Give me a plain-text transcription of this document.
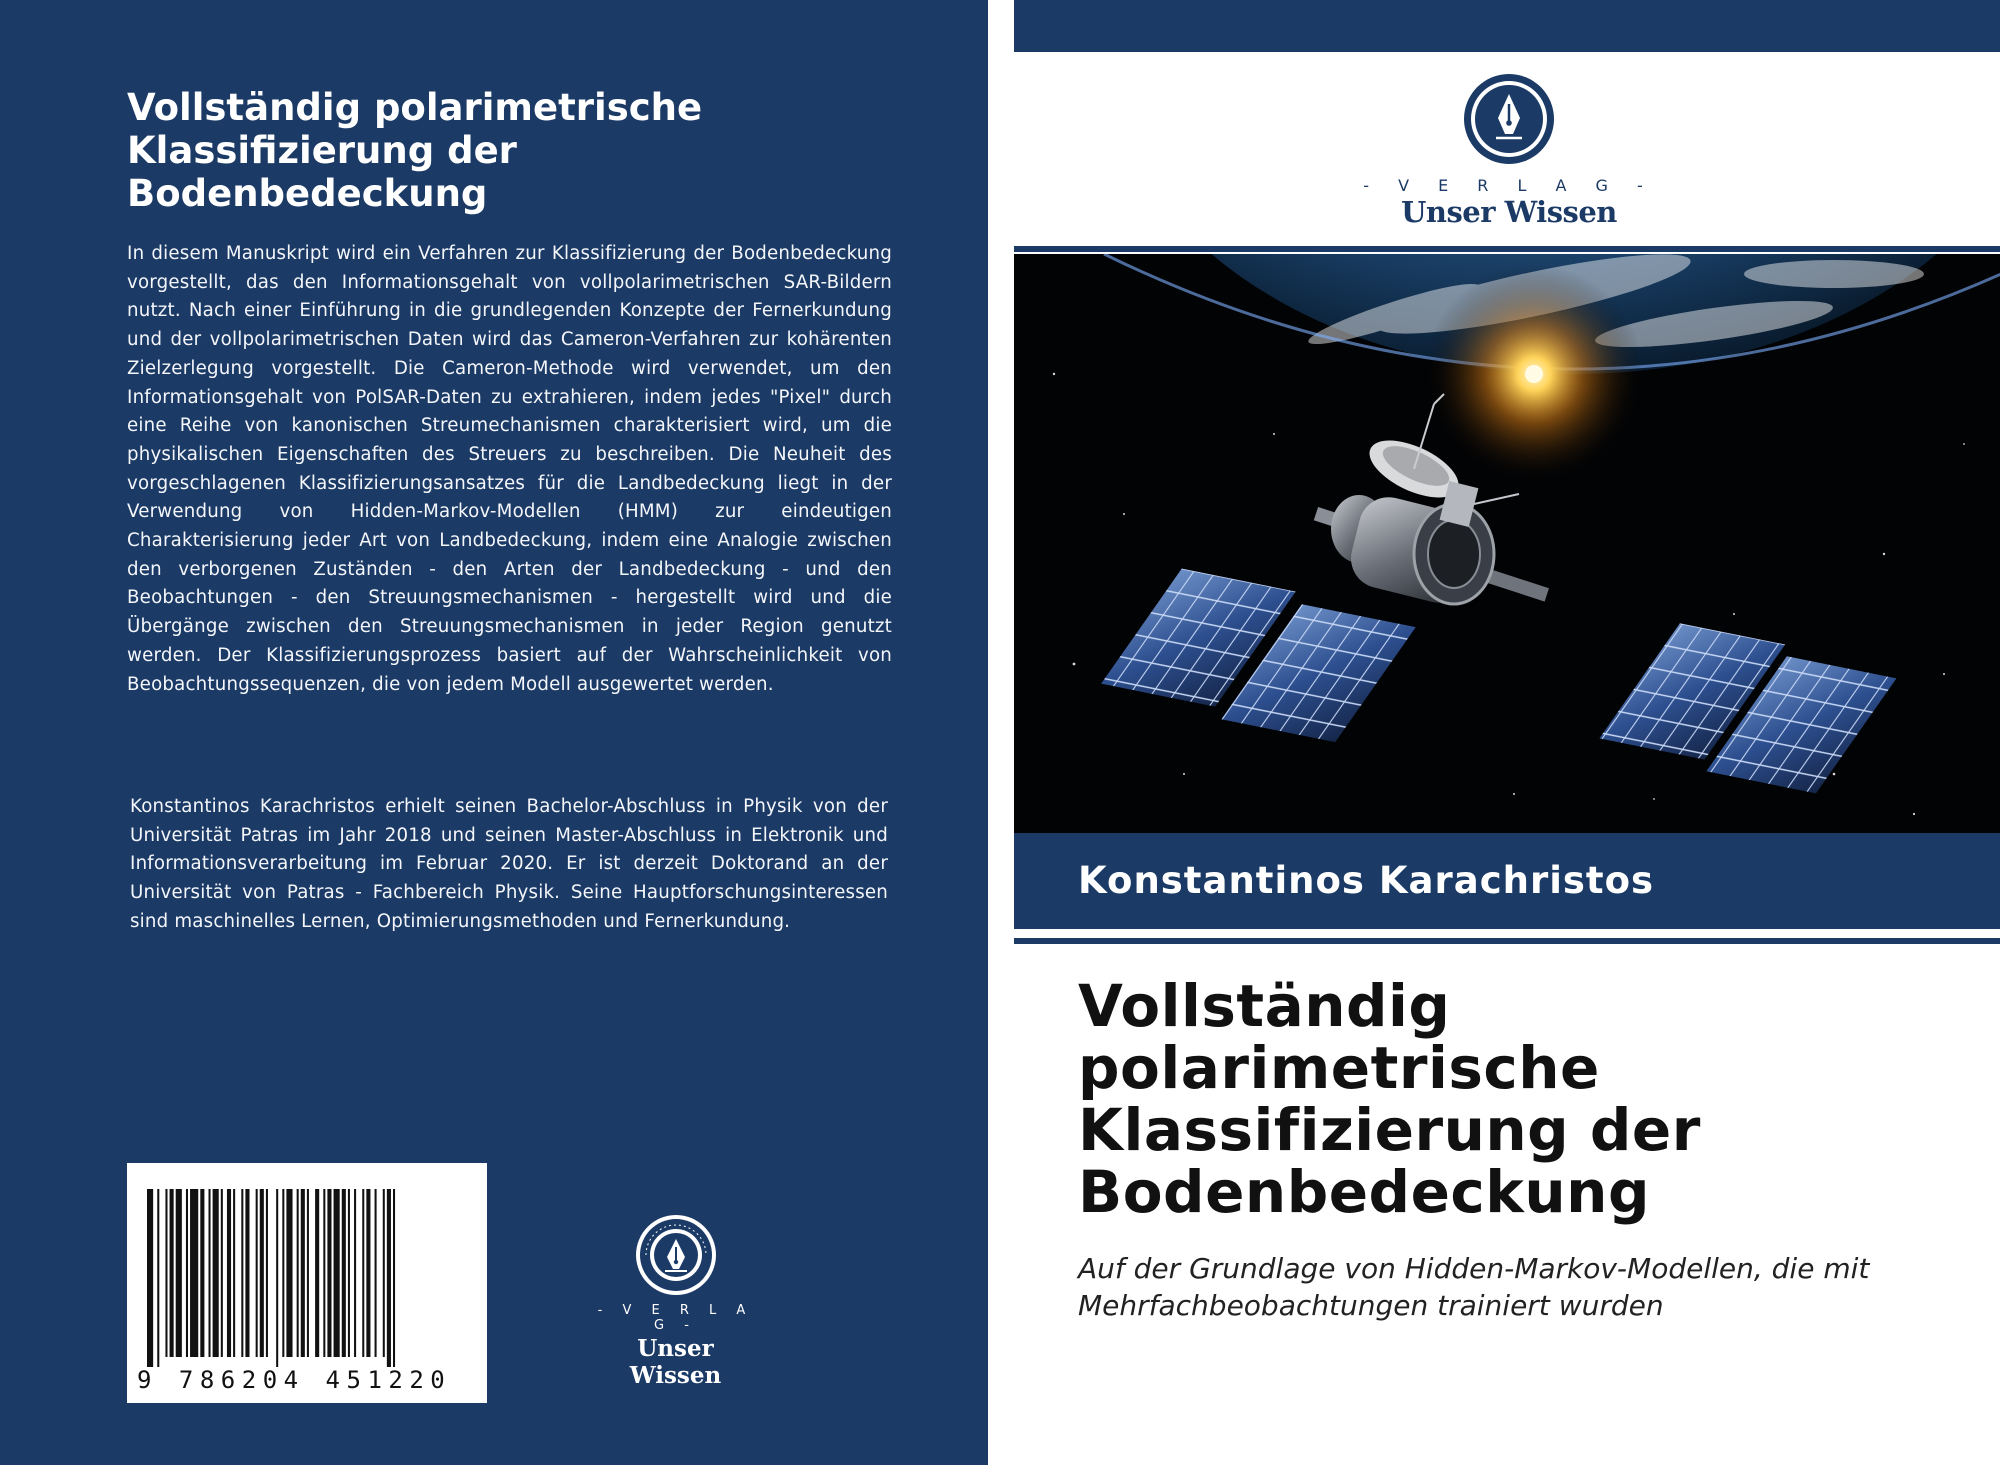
Vollständig polarimetrische Klassifizierung der Bodenbedeckung

In diesem Manuskript wird ein Verfahren zur Klassifizierung der Bodenbedeckung vorgestellt, das den Informationsgehalt von vollpolarimetrischen SAR-Bildern nutzt. Nach einer Einführung in die grundlegenden Konzepte der Fernerkundung und der vollpolarimetrischen Daten wird das Cameron-Verfahren zur kohärenten Zielzerlegung vorgestellt. Die Cameron-Methode wird verwendet, um den Informationsgehalt von PolSAR-Daten zu extrahieren, indem jedes "Pixel" durch eine Reihe von kanonischen Streumechanismen charakterisiert wird, um die physikalischen Eigenschaften des Streuers zu beschreiben. Die Neuheit des vorgeschlagenen Klassifizierungsansatzes für die Landbedeckung liegt in der Verwendung von Hidden-Markov-Modellen (HMM) zur eindeutigen Charakterisierung jeder Art von Landbedeckung, indem eine Analogie zwischen den verborgenen Zuständen - den Arten der Landbedeckung - und den Beobachtungen - den Streuungsmechanismen - hergestellt wird und die Übergänge zwischen den Streuungsmechanismen in jeder Region genutzt werden. Der Klassifizierungsprozess basiert auf der Wahrscheinlichkeit von Beobachtungssequenzen, die von jedem Modell ausgewertet werden.

Konstantinos Karachristos erhielt seinen Bachelor-Abschluss in Physik von der Universität Patras im Jahr 2018 und seinen Master-Abschluss in Elektronik und Informationsverarbeitung im Februar 2020. Er ist derzeit Doktorand an der Universität von Patras - Fachbereich Physik. Seine Hauptforschungsinteressen sind maschinelles Lernen, Optimierungsmethoden und Fernerkundung.

9 786204 451220
- V E R L A G -
Unser Wissen
- V E R L A G -
Unser Wissen
Konstantinos Karachristos
Vollständig polarimetrische Klassifizierung der Bodenbedeckung

Auf der Grundlage von Hidden-Markov-Modellen, die mit Mehrfachbeobachtungen trainiert wurden
